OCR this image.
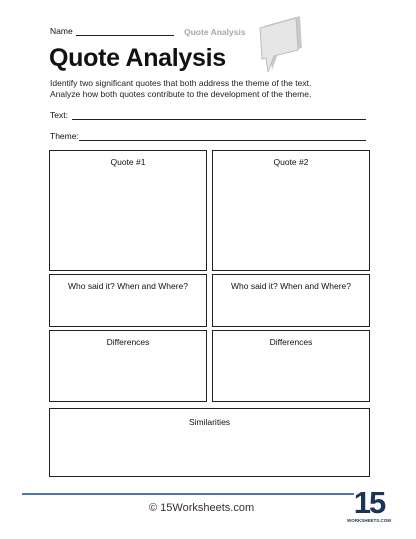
Name	Quote Analysis
Quote Analysis
Identify two significant quotes that both address the theme of the text.
Analyze how both quotes contribute to the development of the theme.
Text:
Theme:
Quote #1	Quote #2
Who said it? When and Where?	Who said it? When and Where?
Differences	Differences
Similarities
© 15Worksheets.com	15
WORKSHEETS.COM
